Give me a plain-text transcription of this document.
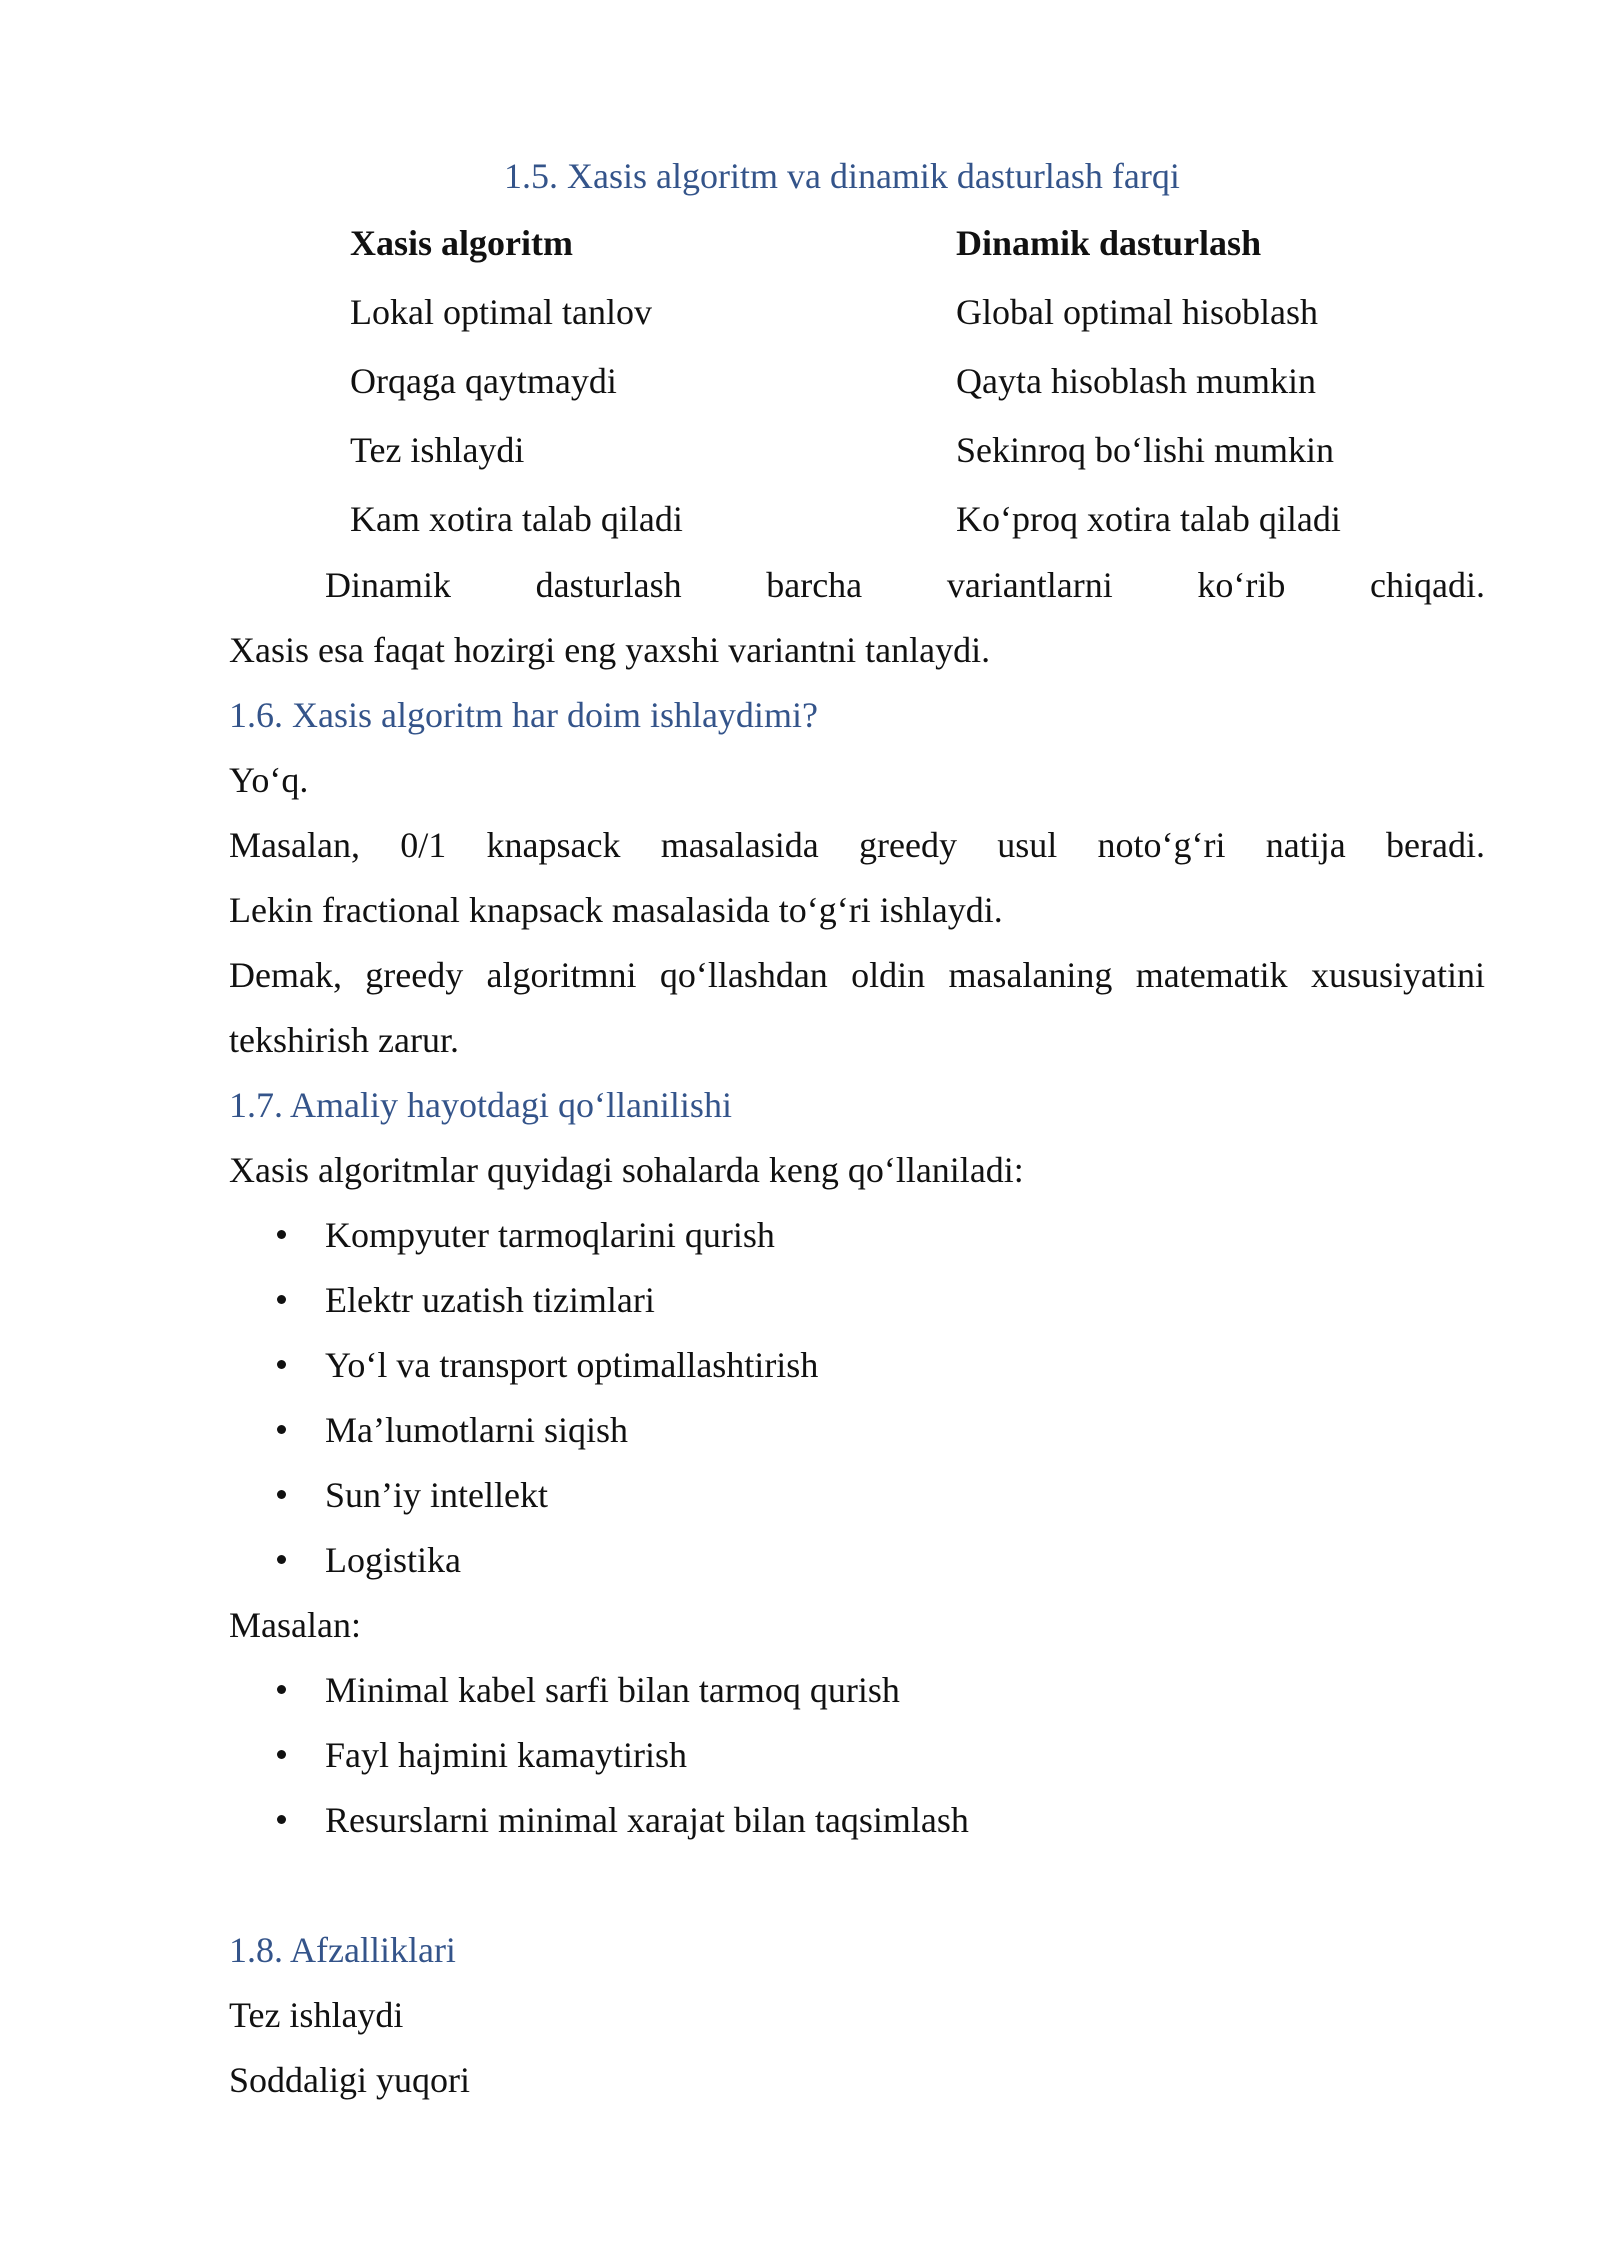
1.5. Xasis algoritm va dinamik dasturlash farqi
Xasis algoritm	Dinamik dasturlash
Lokal optimal tanlov	Global optimal hisoblash
Orqaga qaytmaydi	Qayta hisoblash mumkin
Tez ishlaydi	Sekinroq bo‘lishi mumkin
Kam xotira talab qiladi	Ko‘proq xotira talab qiladi
Dinamik dasturlash barcha variantlarni ko‘rib chiqadi.
Xasis esa faqat hozirgi eng yaxshi variantni tanlaydi.
1.6. Xasis algoritm har doim ishlaydimi?
Yo‘q.
Masalan, 0/1 knapsack masalasida greedy usul noto‘g‘ri natija beradi.
Lekin fractional knapsack masalasida to‘g‘ri ishlaydi.
Demak, greedy algoritmni qo‘llashdan oldin masalaning matematik xususiyatini
tekshirish zarur.
1.7. Amaliy hayotdagi qo‘llanilishi
Xasis algoritmlar quyidagi sohalarda keng qo‘llaniladi:
Kompyuter tarmoqlarini qurish
Elektr uzatish tizimlari
Yo‘l va transport optimallashtirish
Ma’lumotlarni siqish
Sun’iy intellekt
Logistika
Masalan:
Minimal kabel sarfi bilan tarmoq qurish
Fayl hajmini kamaytirish
Resurslarni minimal xarajat bilan taqsimlash
1.8. Afzalliklari
Tez ishlaydi
Soddaligi yuqori
